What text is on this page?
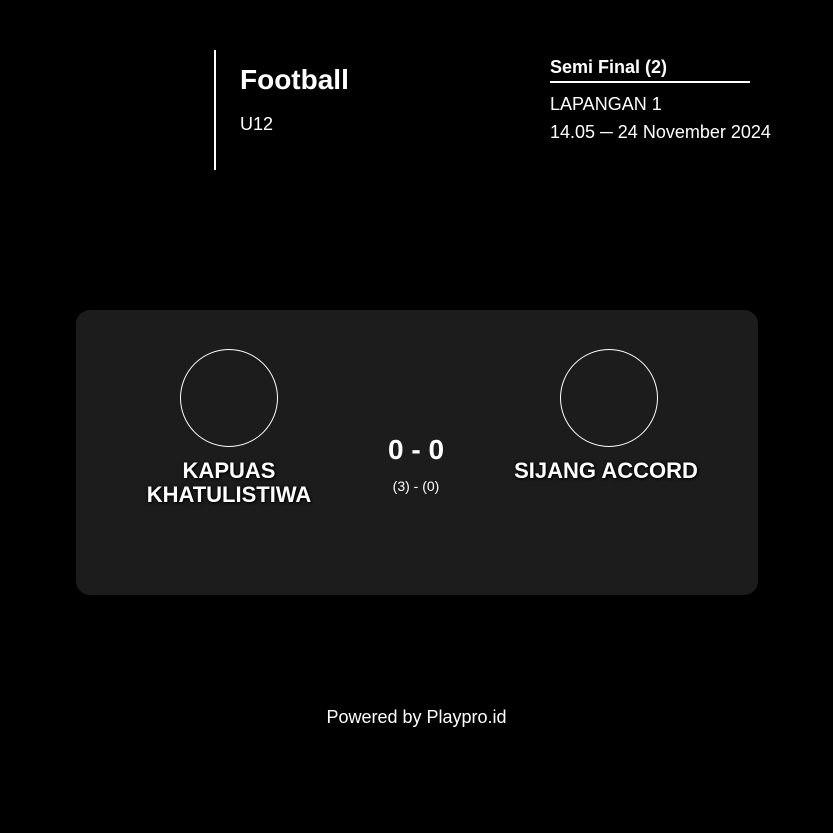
Football
U12
Semi Final (2)
LAPANGAN 1
14.05 ─ 24 November 2024
KAPUAS KHATULISTIWA
0 - 0
(3) - (0)
SIJANG ACCORD
Powered by Playpro.id
